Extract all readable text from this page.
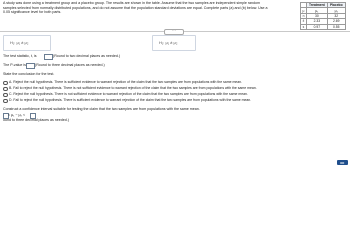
A study was done using a treatment group and a placebo group. The results are shown in the table. Assume that the two samples are independent simple random
samples selected from normally distributed populations, and do not assume that the population standard deviations are equal. Complete parts (a) and (b) below. Use a
0.05 significance level for both parts.
	Treatment	Placebo
μ	μ₁	μ₂
n	30	32
x̄	2.33	2.69
s	0.97	0.55
···
H₁: μ₁ ≠ μ₂	H₁: μ₁ ≠ μ₂
The test statistic, t, is	(Round to two decimal places as needed.)
The P-value is	(Round to three decimal places as needed.)
State the conclusion for the test.
A. Reject the null hypothesis. There is sufficient evidence to warrant rejection of the claim that the two samples are from populations with the same mean.
B. Fail to reject the null hypothesis. There is not sufficient evidence to warrant rejection of the claim that the two samples are from populations with the same mean.
C. Reject the null hypothesis. There is not sufficient evidence to warrant rejection of the claim that the two samples are from populations with the same mean.
D. Fail to reject the null hypothesis. There is sufficient evidence to warrant rejection of the claim that the two samples are from populations with the same mean.
Construct a confidence interval suitable for testing the claim that the two samples are from populations with the same mean.
< μ₁ − μ₂ <
ound to three decimal places as needed.)
▸▸
